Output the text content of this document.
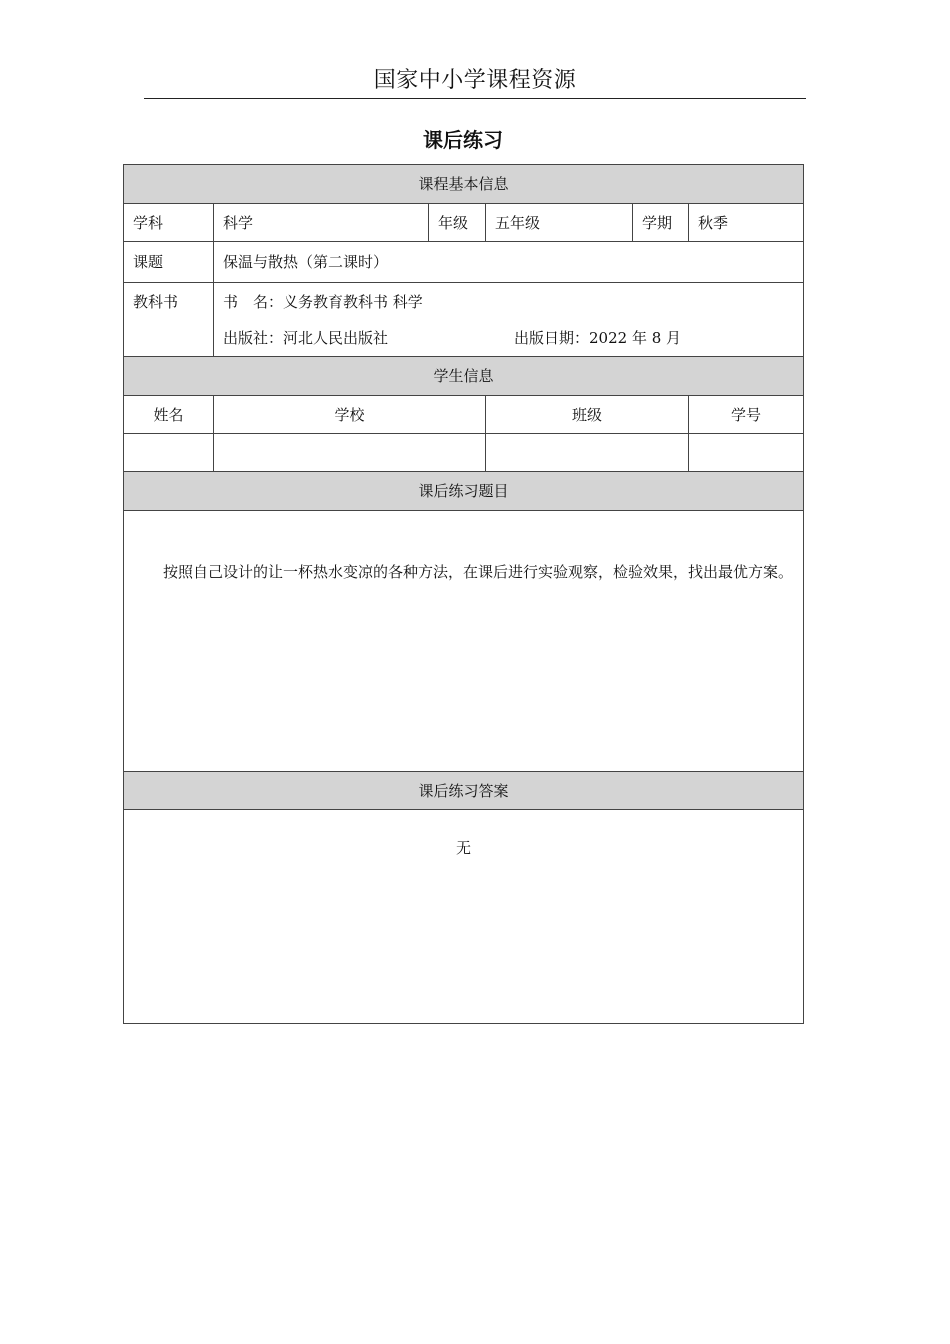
国家中小学课程资源
课后练习
课程基本信息					
学科	科学	年级	五年级	学期	秋季
课题	保温与散热（第二课时）				
教科书	书　名：义务教育教科书 科学
出版社：河北人民出版社 出版日期：2022 年 8 月				

学生信息					
姓名	学校		班级		学号

课后练习题目					

按照自己设计的让一杯热水变凉的各种方法，在课后进行实验观察，检验效果，找出最优方案。					

课后练习答案					
无					
